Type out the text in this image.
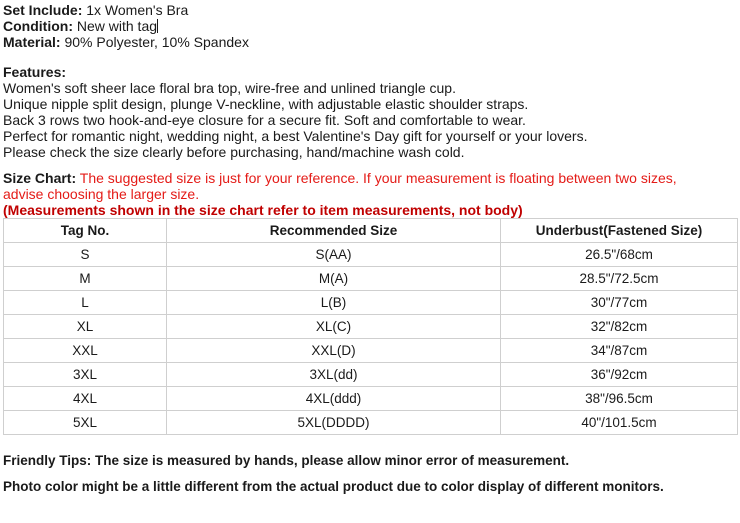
Set Include: 1x Women's Bra
Condition: New with tag
Material: 90% Polyester, 10% Spandex
Features:
Women's soft sheer lace floral bra top, wire-free and unlined triangle cup.
Unique nipple split design, plunge V-neckline, with adjustable elastic shoulder straps.
Back 3 rows two hook-and-eye closure for a secure fit. Soft and comfortable to wear.
Perfect for romantic night, wedding night, a best Valentine's Day gift for yourself or your lovers.
Please check the size clearly before purchasing, hand/machine wash cold.
Size Chart: The suggested size is just for your reference. If your measurement is floating between two sizes,
advise choosing the larger size.
(Measurements shown in the size chart refer to item measurements, not body)
Tag No.	Recommended Size	Underbust(Fastened Size)
S	S(AA)	26.5"/68cm
M	M(A)	28.5"/72.5cm
L	L(B)	30"/77cm
XL	XL(C)	32"/82cm
XXL	XXL(D)	34"/87cm
3XL	3XL(dd)	36"/92cm
4XL	4XL(ddd)	38"/96.5cm
5XL	5XL(DDDD)	40"/101.5cm
Friendly Tips: The size is measured by hands, please allow minor error of measurement.
Photo color might be a little different from the actual product due to color display of different monitors.
